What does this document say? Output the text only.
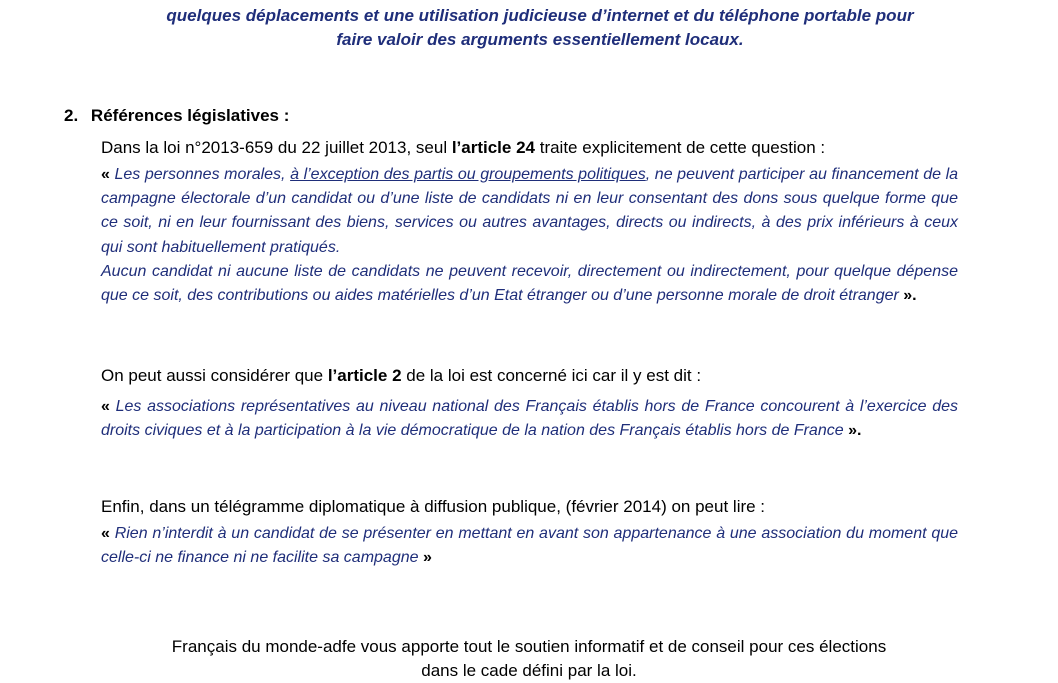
quelques déplacements et une utilisation judicieuse d’internet et du téléphone portable pour
faire valoir des arguments essentiellement locaux.
2. Références législatives :
Dans la loi n°2013-659 du 22 juillet 2013, seul l’article 24 traite explicitement de cette question :
« Les personnes morales, à l’exception des partis ou groupements politiques, ne peuvent participer au financement de la campagne électorale d’un candidat ou d’une liste de candidats ni en leur consentant des dons sous quelque forme que ce soit, ni en leur fournissant des biens, services ou autres avantages, directs ou indirects, à des prix inférieurs à ceux qui sont habituellement pratiqués.
Aucun candidat ni aucune liste de candidats ne peuvent recevoir, directement ou indirectement, pour quelque dépense que ce soit, des contributions ou aides matérielles d’un Etat étranger ou d’une personne morale de droit étranger ».
On peut aussi considérer que l’article 2 de la loi est concerné ici car il y est dit :
« Les associations représentatives au niveau national des Français établis hors de France concourent à l’exercice des droits civiques et à la participation à la vie démocratique de la nation des Français établis hors de France ».
Enfin, dans un télégramme diplomatique à diffusion publique, (février 2014) on peut lire :
« Rien n’interdit à un candidat de se présenter en mettant en avant son appartenance à une association du moment que celle-ci ne finance ni ne facilite sa campagne »
Français du monde-adfe vous apporte tout le soutien informatif et de conseil pour ces élections
dans le cade défini par la loi.
